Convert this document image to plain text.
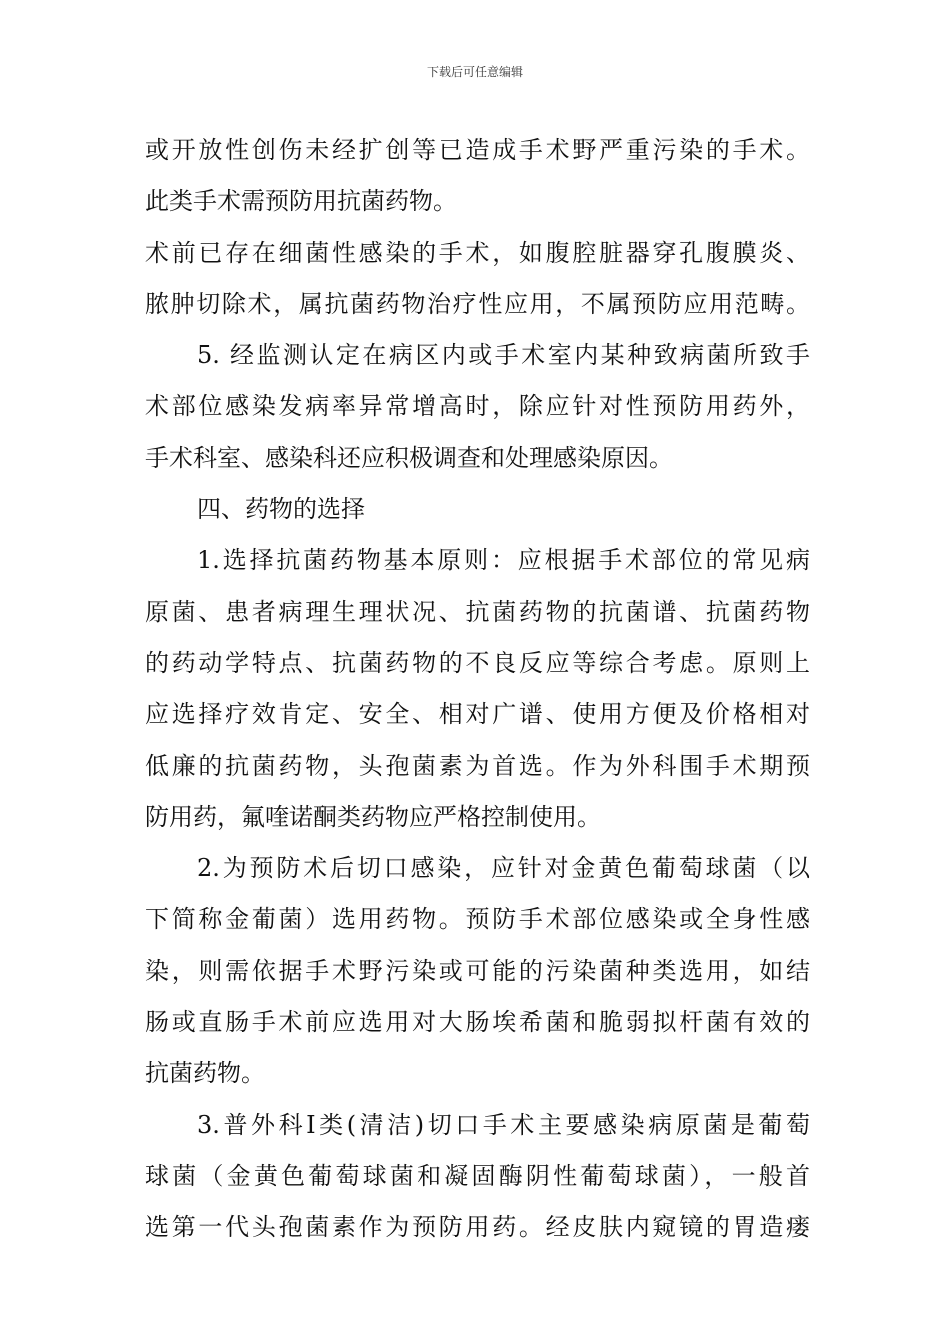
下载后可任意编辑
或开放性创伤未经扩创等已造成手术野严重污染的手术。
此类手术需预防用抗菌药物。
术前已存在细菌性感染的手术，如腹腔脏器穿孔腹膜炎、
脓肿切除术，属抗菌药物治疗性应用，不属预防应用范畴。
5. 经监测认定在病区内或手术室内某种致病菌所致手
术部位感染发病率异常增高时，除应针对性预防用药外，
手术科室、感染科还应积极调查和处理感染原因。
四、药物的选择
1.选择抗菌药物基本原则：应根据手术部位的常见病
原菌、患者病理生理状况、抗菌药物的抗菌谱、抗菌药物
的药动学特点、抗菌药物的不良反应等综合考虑。原则上
应选择疗效肯定、安全、相对广谱、使用方便及价格相对
低廉的抗菌药物，头孢菌素为首选。作为外科围手术期预
防用药，氟喹诺酮类药物应严格控制使用。
2.为预防术后切口感染，应针对金黄色葡萄球菌（以
下简称金葡菌）选用药物。预防手术部位感染或全身性感
染，则需依据手术野污染或可能的污染菌种类选用，如结
肠或直肠手术前应选用对大肠埃希菌和脆弱拟杆菌有效的
抗菌药物。
3.普外科Ⅰ类(清洁)切口手术主要感染病原菌是葡萄
球菌（金黄色葡萄球菌和凝固酶阴性葡萄球菌），一般首
选第一代头孢菌素作为预防用药。经皮肤内窥镜的胃造瘘
